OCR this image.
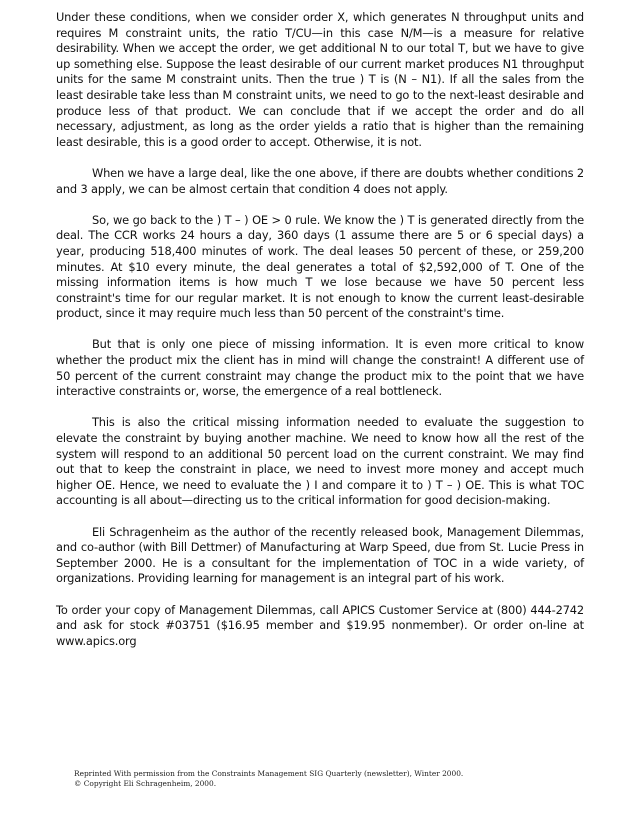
Under these conditions, when we consider order X, which generates N throughput units and requires M constraint units, the ratio T/CU—in this case N/M—is a measure for relative desirability. When we accept the order, we get additional N to our total T, but we have to give up something else. Suppose the least desirable of our current market produces N1 throughput units for the same M constraint units. Then the true ) T is (N – N1). If all the sales from the least desirable take less than M constraint units, we need to go to the next-least desirable and produce less of that product. We can conclude that if we accept the order and do all necessary, adjustment, as long as the order yields a ratio that is higher than the remaining least desirable, this is a good order to accept. Otherwise, it is not.

When we have a large deal, like the one above, if there are doubts whether conditions 2 and 3 apply, we can be almost certain that condition 4 does not apply.

So, we go back to the ) T – ) OE > 0 rule. We know the ) T is generated directly from the deal. The CCR works 24 hours a day, 360 days (1 assume there are 5 or 6 special days) a year, producing 518,400 minutes of work. The deal leases 50 percent of these, or 259,200 minutes. At $10 every minute, the deal generates a total of $2,592,000 of T. One of the missing information items is how much T we lose because we have 50 percent less constraint's time for our regular market. It is not enough to know the current least-desirable product, since it may require much less than 50 percent of the constraint's time.

But that is only one piece of missing information. It is even more critical to know whether the product mix the client has in mind will change the constraint! A different use of 50 percent of the current constraint may change the product mix to the point that we have interactive constraints or, worse, the emergence of a real bottleneck.

This is also the critical missing information needed to evaluate the suggestion to elevate the constraint by buying another machine. We need to know how all the rest of the system will respond to an additional 50 percent load on the current constraint. We may find out that to keep the constraint in place, we need to invest more money and accept much higher OE. Hence, we need to evaluate the ) I and compare it to ) T – ) OE. This is what TOC accounting is all about—directing us to the critical information for good decision-making.

Eli Schragenheim as the author of the recently released book, Management Dilemmas, and co-author (with Bill Dettmer) of Manufacturing at Warp Speed, due from St. Lucie Press in September 2000. He is a consultant for the implementation of TOC in a wide variety, of organizations. Providing learning for management is an integral part of his work.

To order your copy of Management Dilemmas, call APICS Customer Service at (800) 444-2742 and ask for stock #03751 ($16.95 member and $19.95 nonmember). Or order on-line at www.apics.org

Reprinted With permission from the Constraints Management SIG Quarterly (newsletter), Winter 2000.
© Copyright Eli Schragenheim, 2000.
